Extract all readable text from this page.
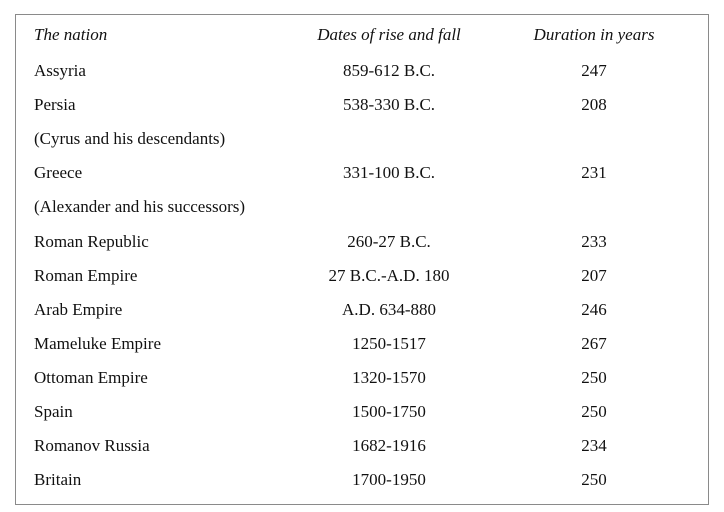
The nation	Dates of rise and fall	Duration in years
Assyria	859-612 B.C.	247
Persia	538-330 B.C.	208
(Cyrus and his descendants)
Greece	331-100 B.C.	231
(Alexander and his successors)
Roman Republic	260-27 B.C.	233
Roman Empire	27 B.C.-A.D. 180	207
Arab Empire	A.D. 634-880	246
Mameluke Empire	1250-1517	267
Ottoman Empire	1320-1570	250
Spain	1500-1750	250
Romanov Russia	1682-1916	234
Britain	1700-1950	250
